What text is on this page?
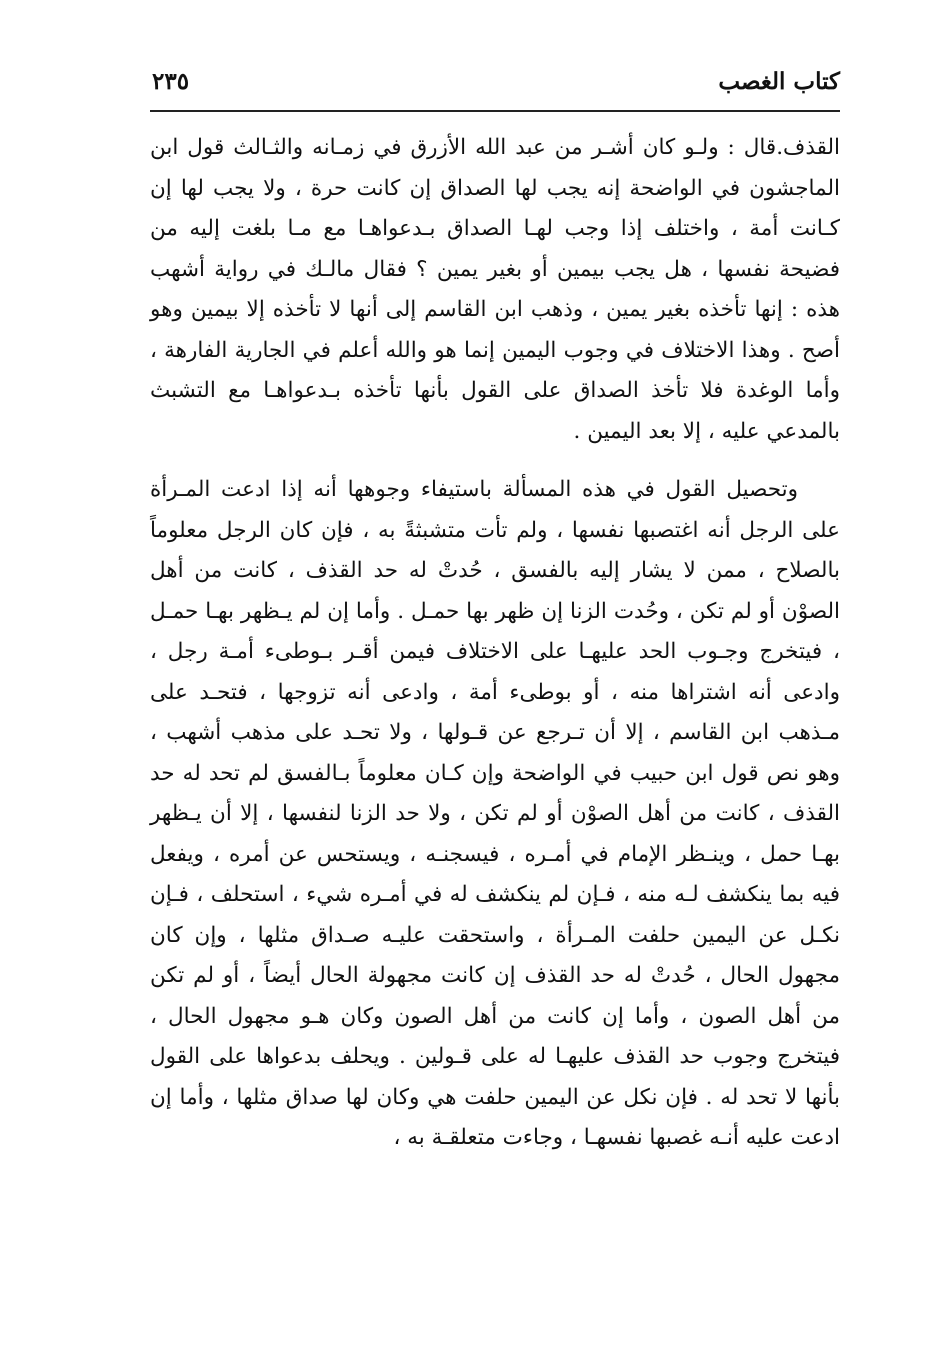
كتاب الغصب
٢٣٥

القذف.قال : ولـو كان أشـر من عبد الله الأزرق في زمـانه والثـالث قول ابن الماجشون في الواضحة إنه يجب لها الصداق إن كانت حرة ، ولا يجب لها إن كـانت أمة ، واختلف إذا وجب لهـا الصداق بـدعواهـا مع مـا بلغت إليه من فضيحة نفسها ، هل يجب بيمين أو بغير يمين ؟ فقال مالـك في رواية أشهب هذه : إنها تأخذه بغير يمين ، وذهب ابن القاسم إلى أنها لا تأخذه إلا بيمين وهو أصح . وهذا الاختلاف في وجوب اليمين إنما هو والله أعلم في الجارية الفارهة ، وأما الوغدة فلا تأخذ الصداق على القول بأنها تأخذه بـدعواهـا مع التشبث بالمدعي عليه ، إلا بعد اليمين .

وتحصيل القول في هذه المسألة باستيفاء وجوهها أنه إذا ادعت المـرأة على الرجل أنه اغتصبها نفسها ، ولم تأت متشبثةً به ، فإن كان الرجل معلوماً بالصلاح ، ممن لا يشار إليه بالفسق ، حُدتْ له حد القذف ، كانت من أهل الصوْن أو لم تكن ، وحُدت الزنا إن ظهر بها حمـل . وأما إن لم يـظهر بهـا حمـل ، فيتخرج وجـوب الحد عليهـا على الاختلاف فيمن أقـر بـوطىء أمـة رجل ، وادعى أنه اشتراها منه ، أو بوطىء أمة ، وادعى أنه تزوجها ، فتحـد على مـذهب ابن القاسم ، إلا أن تـرجع عن قـولها ، ولا تحـد على مذهب أشهب ، وهو نص قول ابن حبيب في الواضحة وإن كـان معلوماً بـالفسق لم تحد له حد القذف ، كانت من أهل الصوْن أو لم تكن ، ولا حد الزنا لنفسها ، إلا أن يـظهر بهـا حمل ، وينـظر الإمام في أمـره ، فيسجنـه ، ويستحس عن أمره ، ويفعل فيه بما ينكشف لـه منه ، فـإن لم ينكشف له في أمـره شيء ، استحلف ، فـإن نكـل عن اليمين حلفت المـرأة ، واستحقت عليـه صـداق مثلها ، وإن كان مجهول الحال ، حُدتْ له حد القذف إن كانت مجهولة الحال أيضاً ، أو لم تكن من أهل الصون ، وأما إن كانت من أهل الصون وكان هـو مجهول الحال ، فيتخرج وجوب حد القذف عليهـا له على قـولين . ويحلف بدعواها على القول بأنها لا تحد له . فإن نكل عن اليمين حلفت هي وكان لها صداق مثلها ، وأما إن ادعت عليه أنـه غصبها نفسهـا ، وجاءت متعلقـة به ،
